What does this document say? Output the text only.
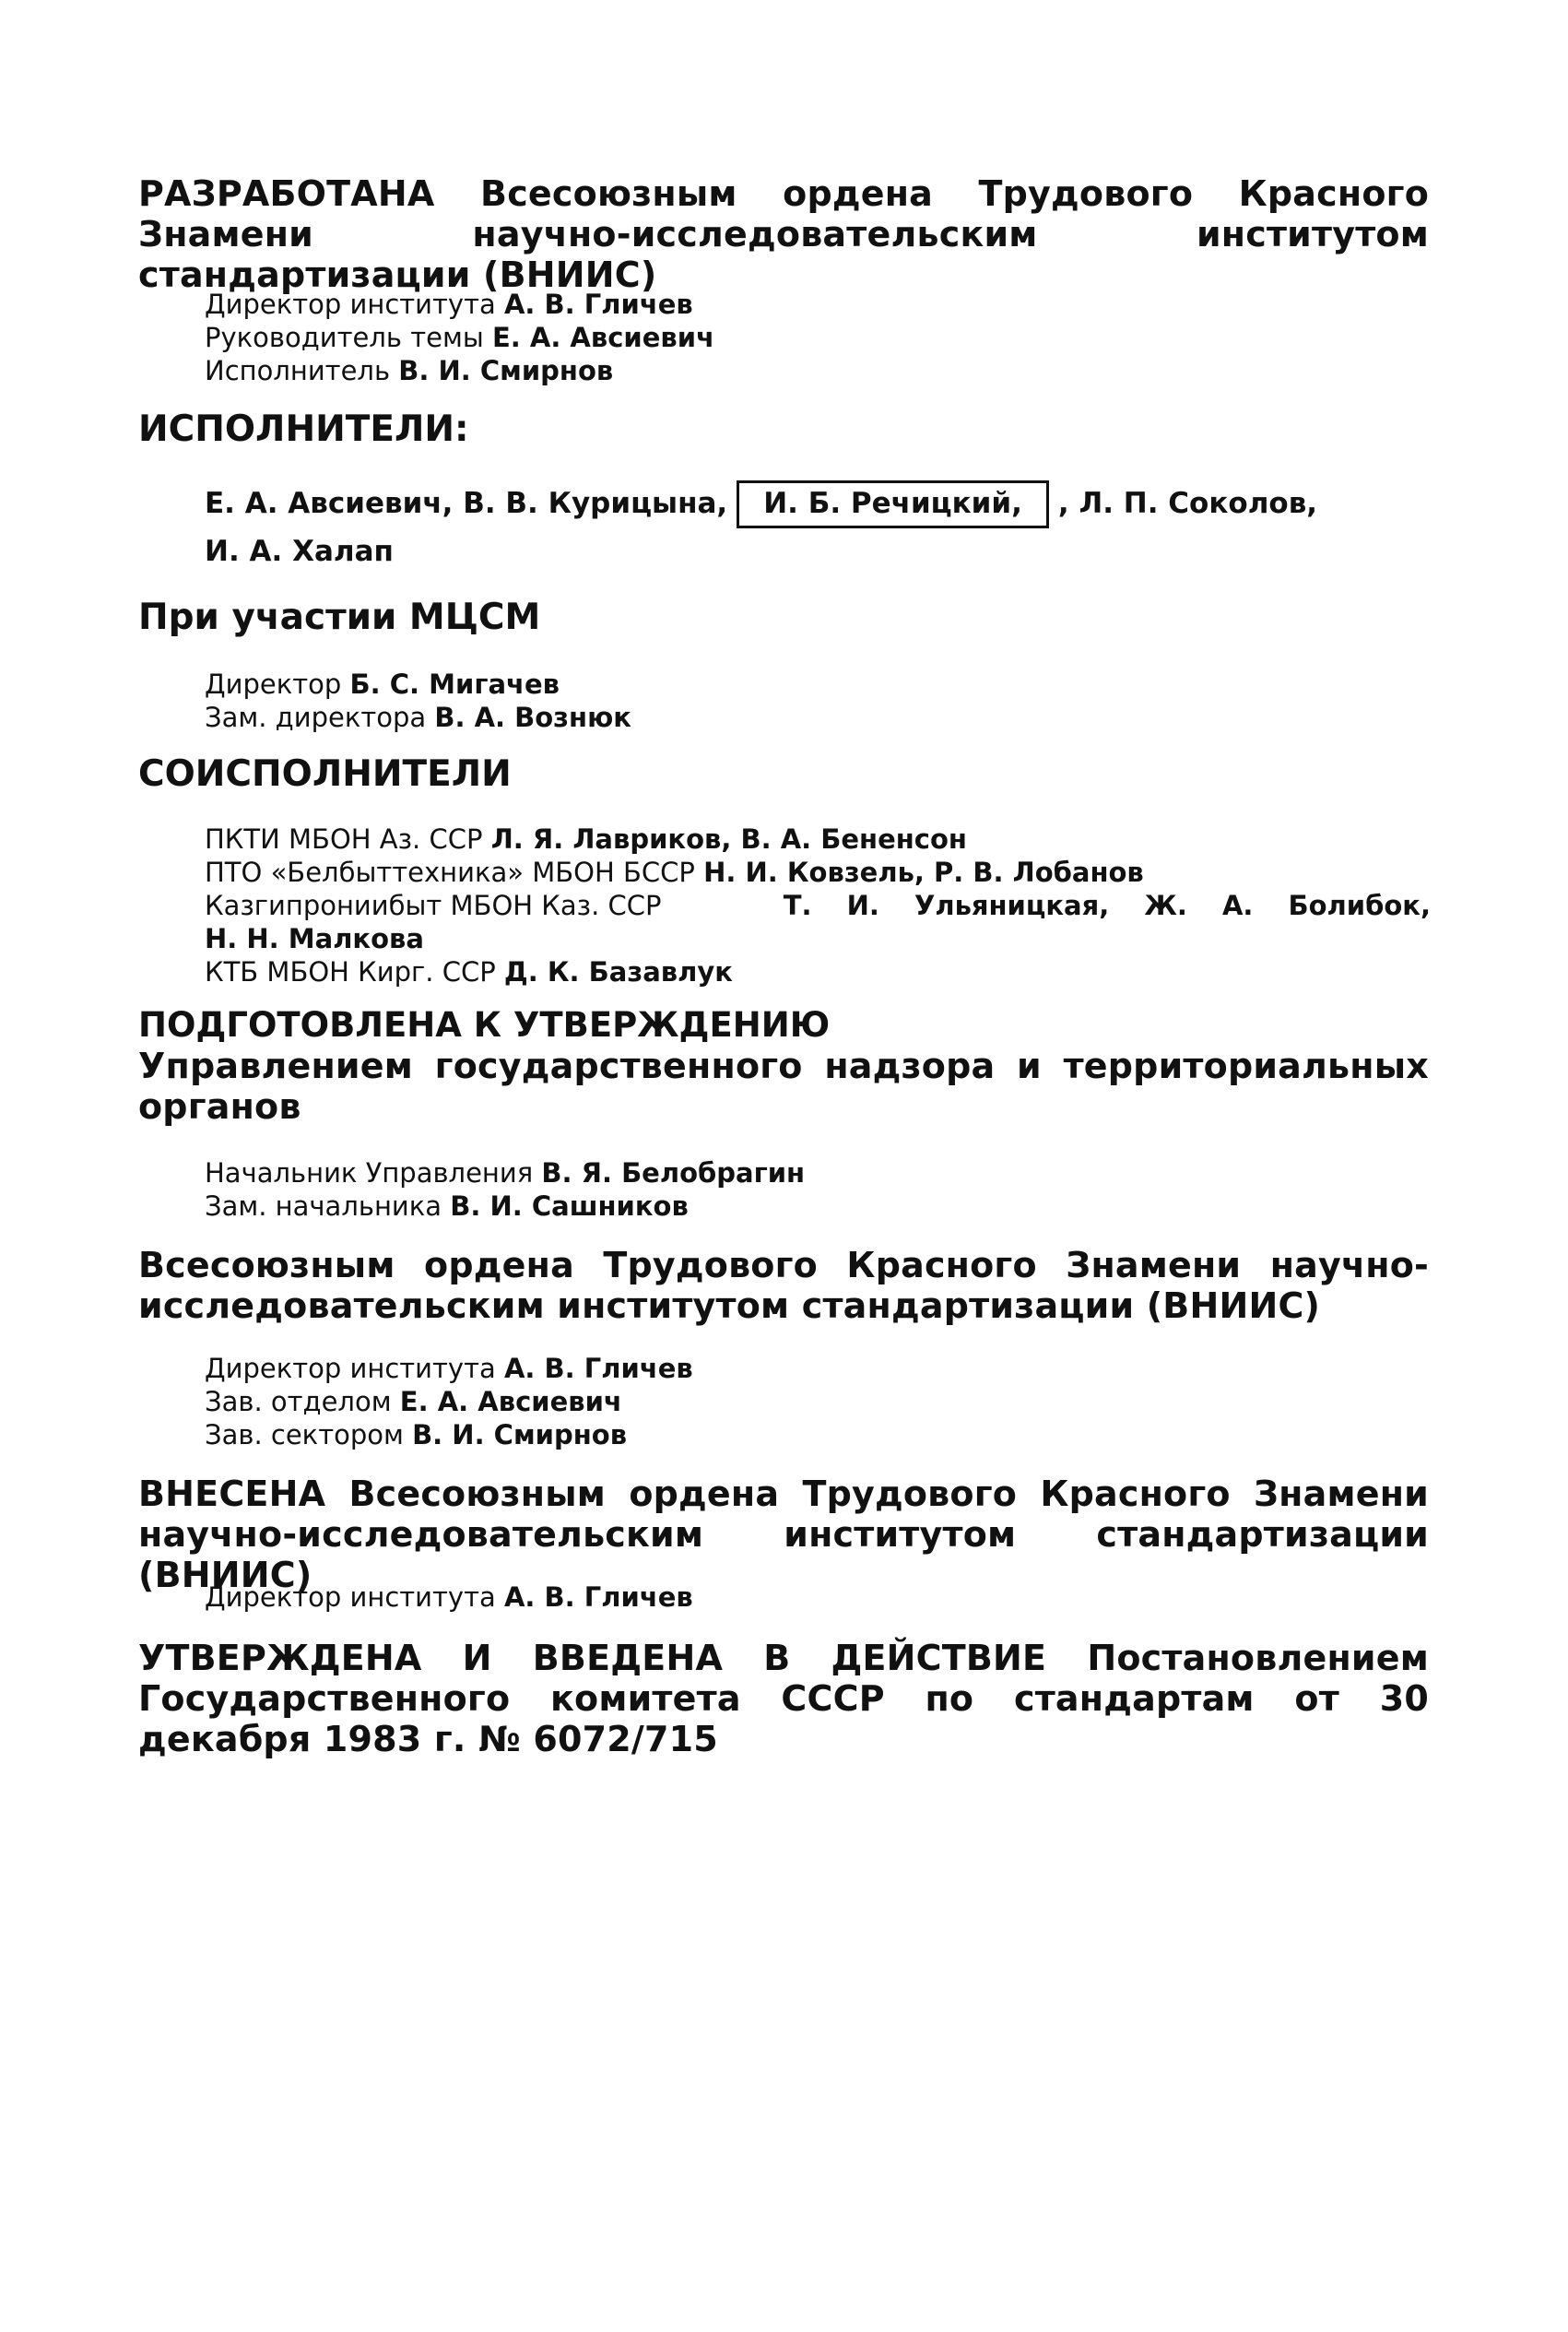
РАЗРАБОТАНА Всесоюзным ордена Трудового Красного Знамени научно-исследовательским институтом стандартизации (ВНИИС)

Директор института А. В. Гличев
Руководитель темы Е. А. Авсиевич
Исполнитель В. И. Смирнов

ИСПОЛНИТЕЛИ:

Е. А. Авсиевич, В. В. Курицына, И. Б. Речицкий, , Л. П. Соколов,
И. А. Халап

При участии МЦСМ

Директор Б. С. Мигачев
Зам. директора В. А. Вознюк

СОИСПОЛНИТЕЛИ

ПКТИ МБОН Аз. ССР Л. Я. Лавриков, В. А. Бененсон
ПТО «Белбыттехника» МБОН БССР Н. И. Ковзель, Р. В. Лобанов
Казгипрониибыт МБОН Каз. ССР	Т. И. Ульяницкая, Ж. А. Болибок,
Н. Н. Малкова
КТБ МБОН Кирг. ССР Д. К. Базавлук

ПОДГОТОВЛЕНА К УТВЕРЖДЕНИЮ

Управлением государственного надзора и территориальных органов

Начальник Управления В. Я. Белобрагин
Зам. начальника В. И. Сашников

Всесоюзным ордена Трудового Красного Знамени научно-исследовательским институтом стандартизации (ВНИИС)

Директор института А. В. Гличев
Зав. отделом Е. А. Авсиевич
Зав. сектором В. И. Смирнов

ВНЕСЕНА Всесоюзным ордена Трудового Красного Знамени научно-исследовательским институтом стандартизации (ВНИИС)

Директор института А. В. Гличев

УТВЕРЖДЕНА И ВВЕДЕНА В ДЕЙСТВИЕ Постановлением Государственного комитета СССР по стандартам от 30 декабря 1983 г. № 6072/715
